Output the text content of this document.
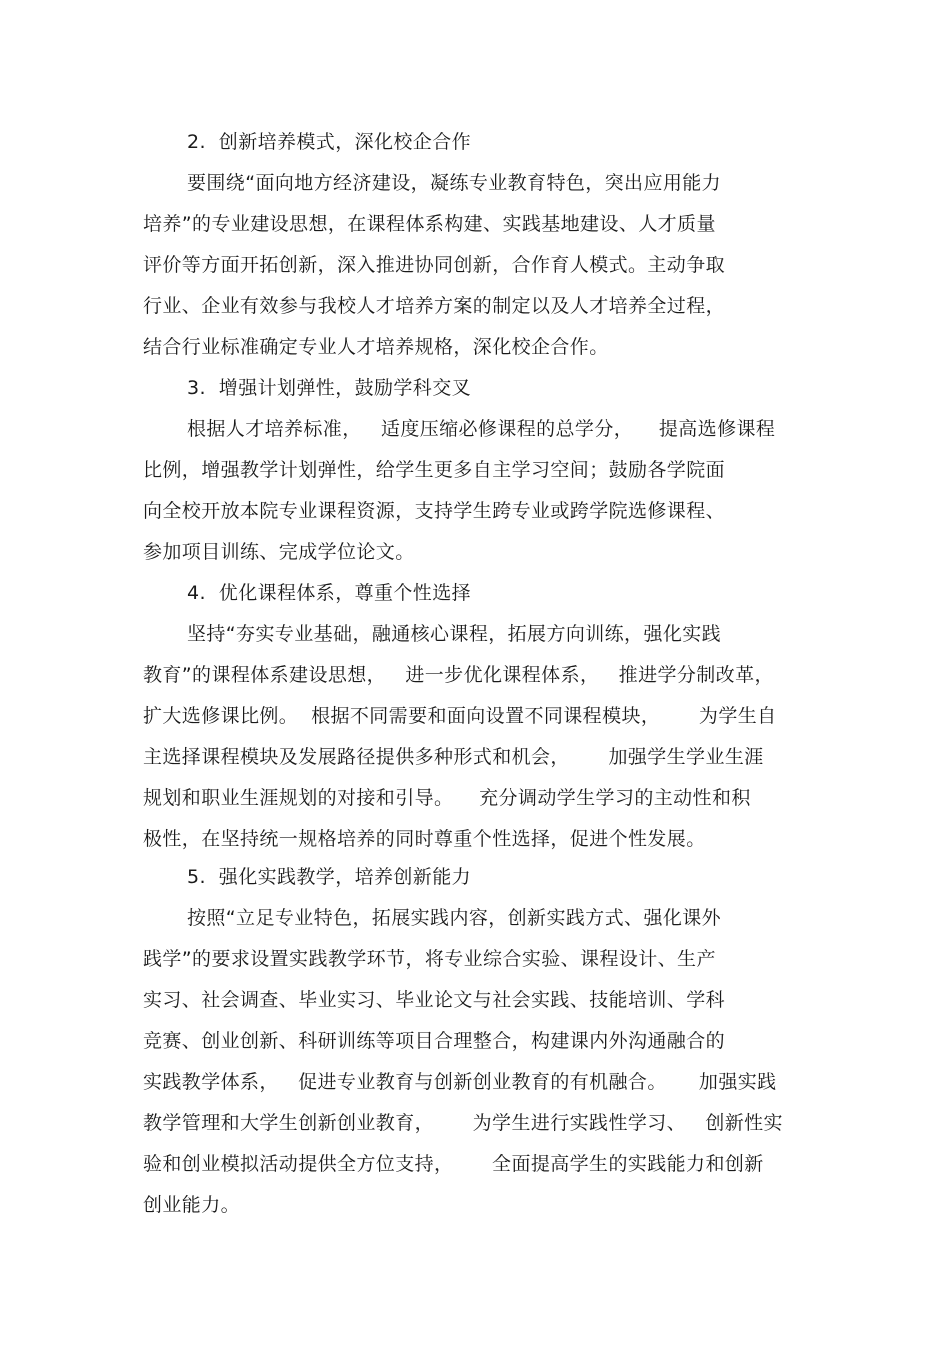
2.  创新培养模式，深化校企合作
要围绕“面向地方经济建设，凝练专业教育特色，突出应用能力
培养”的专业建设思想，在课程体系构建、实践基地建设、人才质量
评价等方面开拓创新，深入推进协同创新，合作育人模式。主动争取
行业、企业有效参与我校人才培养方案的制定以及人才培养全过程，
结合行业标准确定专业人才培养规格，深化校企合作。
3.  增强计划弹性，鼓励学科交叉
根据人才培养标准，   适度压缩必修课程的总学分，    提高选修课程
比例，增强教学计划弹性，给学生更多自主学习空间；鼓励各学院面
向全校开放本院专业课程资源，支持学生跨专业或跨学院选修课程、
参加项目训练、完成学位论文。
4.  优化课程体系，尊重个性选择
坚持“夯实专业基础，融通核心课程，拓展方向训练，强化实践
教育”的课程体系建设思想，   进一步优化课程体系，   推进学分制改革，
扩大选修课比例。  根据不同需要和面向设置不同课程模块，      为学生自
主选择课程模块及发展路径提供多种形式和机会，      加强学生学业生涯
规划和职业生涯规划的对接和引导。    充分调动学生学习的主动性和积
极性，在坚持统一规格培养的同时尊重个性选择，促进个性发展。
5.  强化实践教学，培养创新能力
按照“立足专业特色，拓展实践内容，创新实践方式、强化课外
践学”的要求设置实践教学环节，将专业综合实验、课程设计、生产
实习、社会调查、毕业实习、毕业论文与社会实践、技能培训、学科
竞赛、创业创新、科研训练等项目合理整合，构建课内外沟通融合的
实践教学体系，   促进专业教育与创新创业教育的有机融合。     加强实践
教学管理和大学生创新创业教育，      为学生进行实践性学习、   创新性实
验和创业模拟活动提供全方位支持，      全面提高学生的实践能力和创新
创业能力。
